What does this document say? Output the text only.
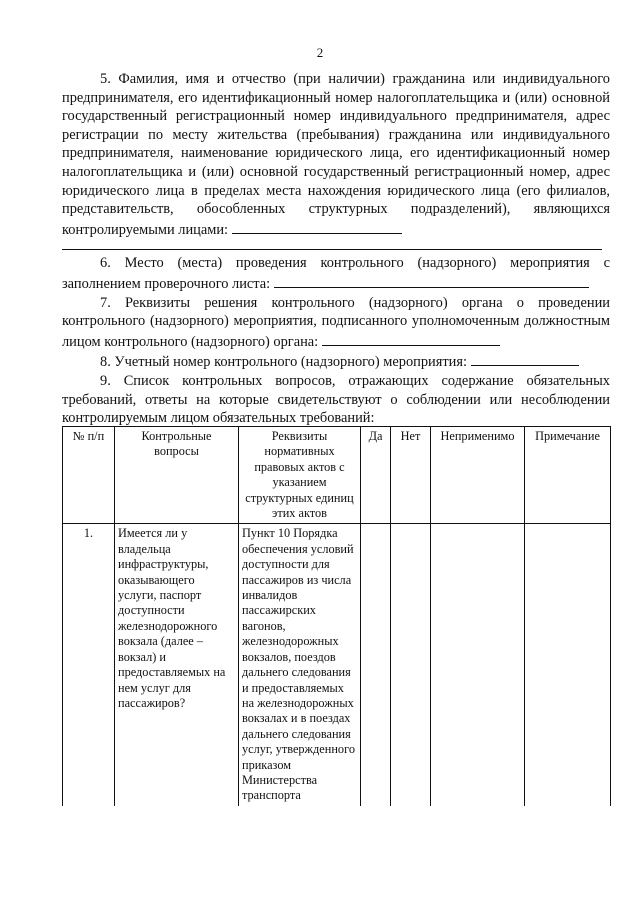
2

5. Фамилия, имя и отчество (при наличии) гражданина или индивидуального предпринимателя, его идентификационный номер налогоплательщика и (или) основной государственный регистрационный номер индивидуального предпринимателя, адрес регистрации по месту жительства (пребывания) гражданина или индивидуального предпринимателя, наименование юридического лица, его идентификационный номер налогоплательщика и (или) основной государственный регистрационный номер, адрес юридического лица в пределах места нахождения юридического лица (его филиалов, представительств, обособленных структурных подразделений), являющихся контролируемыми лицами:

6. Место (места) проведения контрольного (надзорного) мероприятия с заполнением проверочного листа:

7. Реквизиты решения контрольного (надзорного) органа о проведении контрольного (надзорного) мероприятия, подписанного уполномоченным должностным лицом контрольного (надзорного) органа:

8. Учетный номер контрольного (надзорного) мероприятия:

9. Список контрольных вопросов, отражающих содержание обязательных требований, ответы на которые свидетельствуют о соблюдении или несоблюдении контролируемым лицом обязательных требований:

№ п/п	Контрольные вопросы	Реквизиты нормативных правовых актов с указанием структурных единиц этих актов	Да	Нет	Неприменимо	Примечание
1.	Имеется ли у владельца инфраструктуры, оказывающего услуги, паспорт доступности железнодорожного вокзала (далее – вокзал) и предоставляемых на нем услуг для пассажиров?	Пункт 10 Порядка обеспечения условий доступности для пассажиров из числа инвалидов пассажирских вагонов, железнодорожных вокзалов, поездов дальнего следования и предоставляемых на железнодорожных вокзалах и в поездах дальнего следования услуг, утвержденного приказом Министерства транспорта				
